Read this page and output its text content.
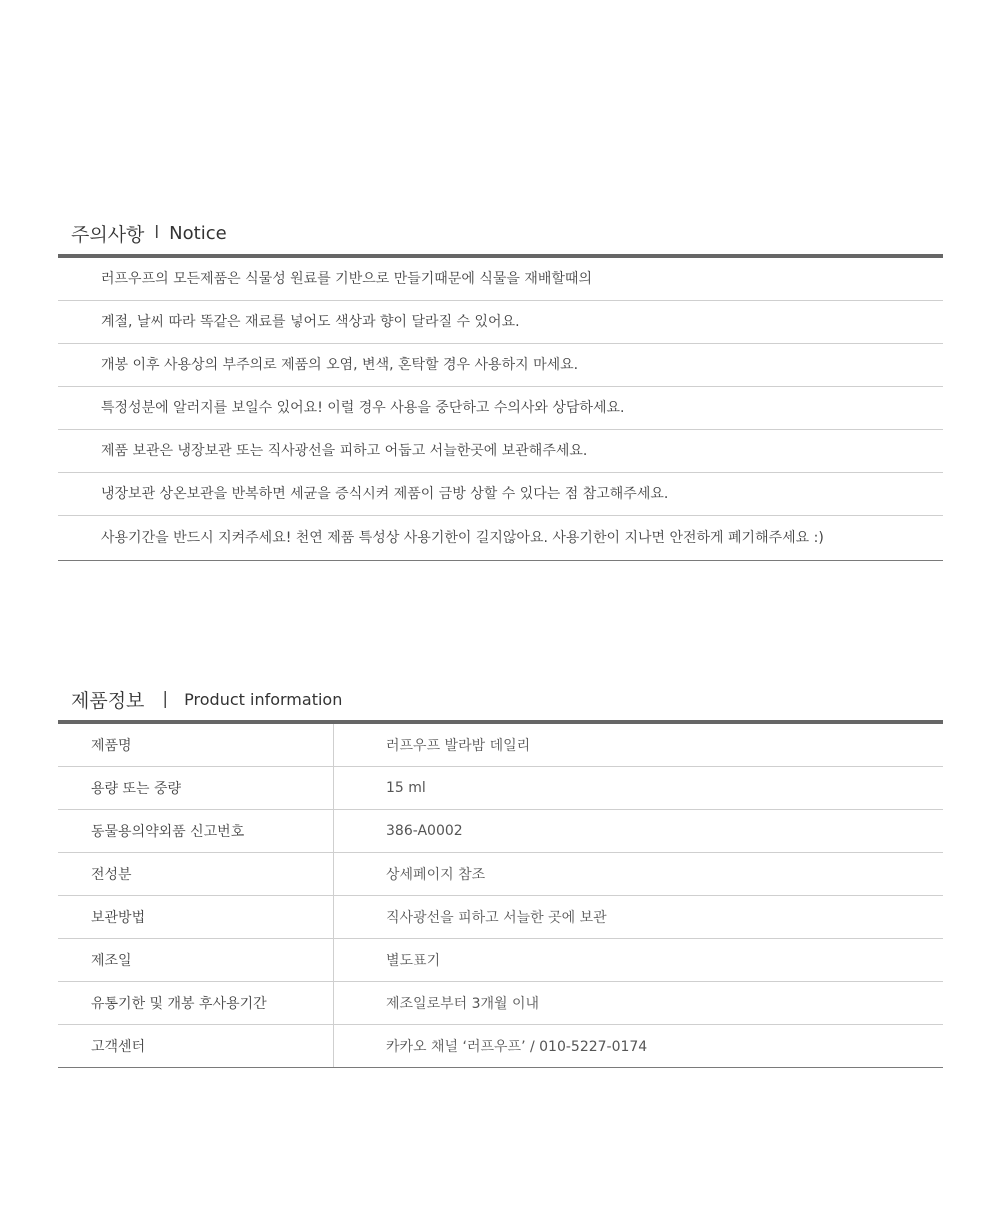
주의사항 l Notice
러프우프의 모든제품은 식물성 원료를 기반으로 만들기때문에 식물을 재배할때의
계절, 날씨 따라 똑같은 재료를 넣어도 색상과 향이 달라질 수 있어요.
개봉 이후 사용상의 부주의로 제품의 오염, 변색, 혼탁할 경우 사용하지 마세요.
특정성분에 알러지를 보일수 있어요! 이럴 경우 사용을 중단하고 수의사와 상담하세요.
제품 보관은 냉장보관 또는 직사광선을 피하고 어둡고 서늘한곳에 보관해주세요.
냉장보관 상온보관을 반복하면 세균을 증식시켜 제품이 금방 상할 수 있다는 점 참고해주세요.
사용기간을 반드시 지켜주세요! 천연 제품 특성상 사용기한이 길지않아요. 사용기한이 지나면 안전하게 폐기해주세요 :)
제품정보 | Product information
제품명	러프우프 발라밤 데일리
용량 또는 중량	15 ml
동물용의약외품 신고번호	386-A0002
전성분	상세페이지 참조
보관방법	직사광선을 피하고 서늘한 곳에 보관
제조일	별도표기
유통기한 및 개봉 후사용기간	제조일로부터 3개월 이내
고객센터	카카오 채널 ‘러프우프’ / 010-5227-0174
